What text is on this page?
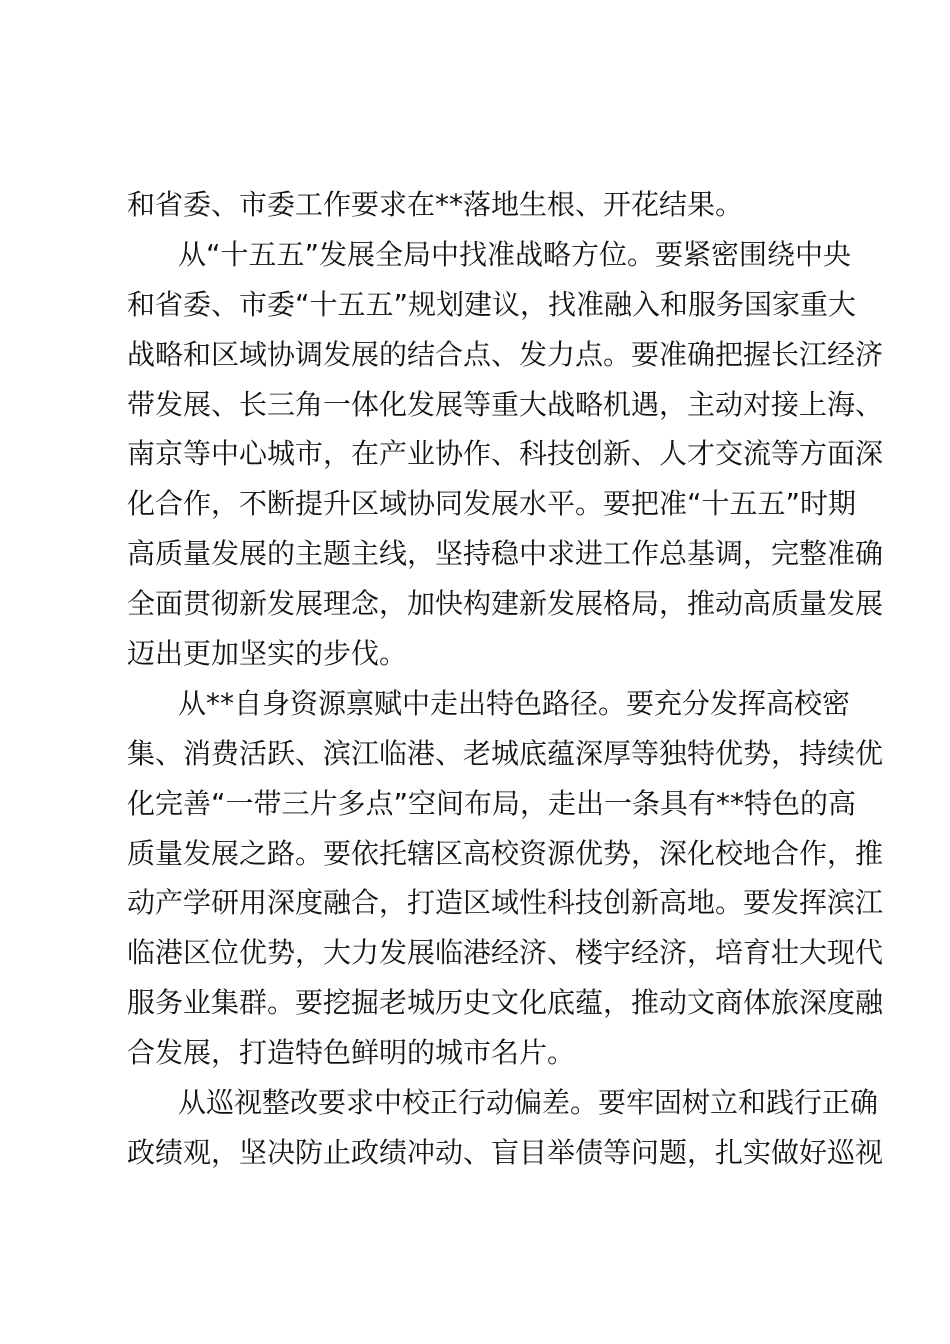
和省委、市委工作要求在**落地生根、开花结果。
从“十五五”发展全局中找准战略方位。要紧密围绕中央
和省委、市委“十五五”规划建议，找准融入和服务国家重大
战略和区域协调发展的结合点、发力点。要准确把握长江经济
带发展、长三角一体化发展等重大战略机遇，主动对接上海、
南京等中心城市，在产业协作、科技创新、人才交流等方面深
化合作，不断提升区域协同发展水平。要把准“十五五”时期
高质量发展的主题主线，坚持稳中求进工作总基调，完整准确
全面贯彻新发展理念，加快构建新发展格局，推动高质量发展
迈出更加坚实的步伐。
从**自身资源禀赋中走出特色路径。要充分发挥高校密
集、消费活跃、滨江临港、老城底蕴深厚等独特优势，持续优
化完善“一带三片多点”空间布局，走出一条具有**特色的高
质量发展之路。要依托辖区高校资源优势，深化校地合作，推
动产学研用深度融合，打造区域性科技创新高地。要发挥滨江
临港区位优势，大力发展临港经济、楼宇经济，培育壮大现代
服务业集群。要挖掘老城历史文化底蕴，推动文商体旅深度融
合发展，打造特色鲜明的城市名片。
从巡视整改要求中校正行动偏差。要牢固树立和践行正确
政绩观，坚决防止政绩冲动、盲目举债等问题，扎实做好巡视
